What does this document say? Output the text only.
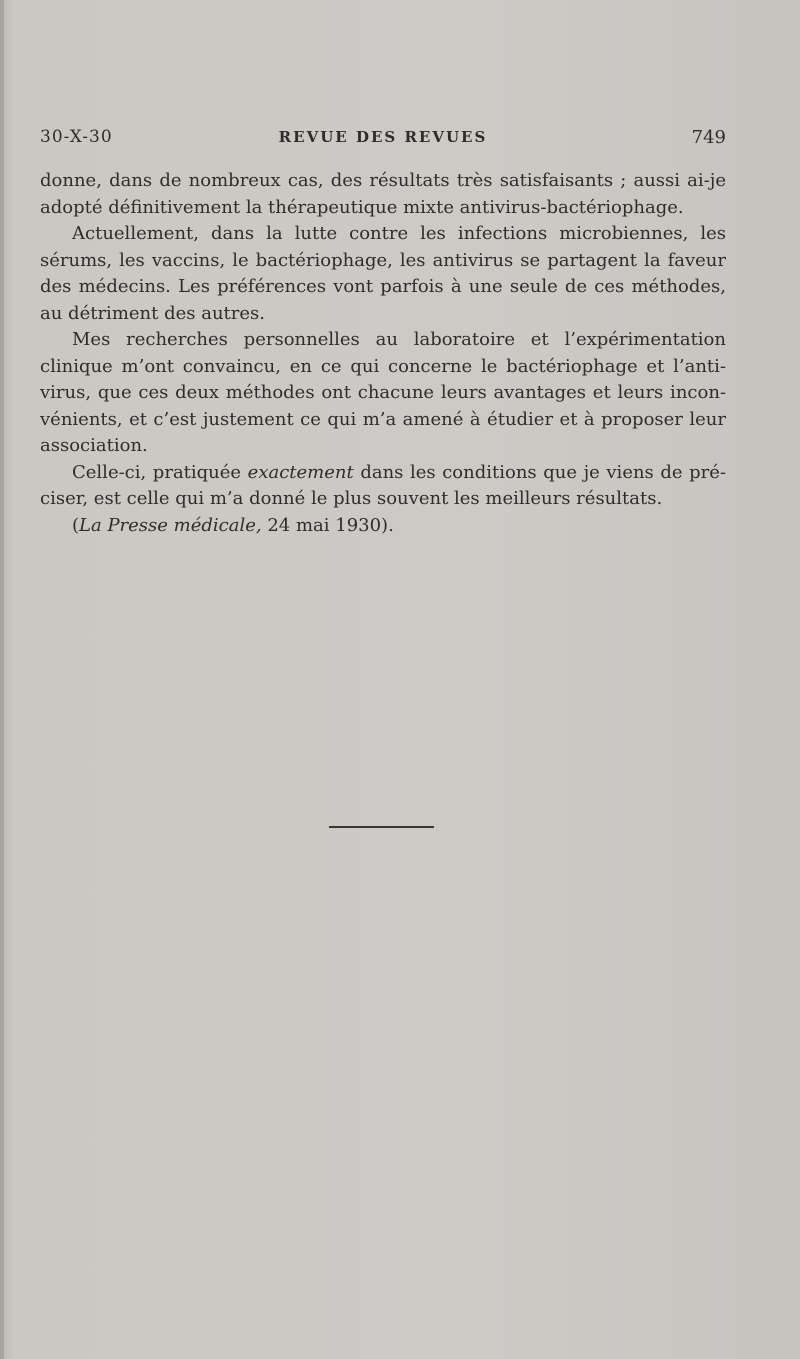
30-X-30	REVUE DES REVUES	749

donne, dans de nombreux cas, des résultats très satisfaisants ; aussi ai-je adopté définitivement la thérapeutique mixte antivirus-bactériophage.

Actuellement, dans la lutte contre les infections microbiennes, les sérums, les vaccins, le bactériophage, les antivirus se partagent la faveur des médecins. Les préférences vont parfois à une seule de ces méthodes, au détriment des autres.

Mes recherches personnelles au laboratoire et l’expérimentation clinique m’ont convaincu, en ce qui concerne le bactériophage et l’anti-virus, que ces deux méthodes ont chacune leurs avantages et leurs incon-vénients, et c’est justement ce qui m’a amené à étudier et à proposer leur association.

Celle-ci, pratiquée exactement dans les conditions que je viens de pré-ciser, est celle qui m’a donné le plus souvent les meilleurs résultats.

(La Presse médicale, 24 mai 1930).
